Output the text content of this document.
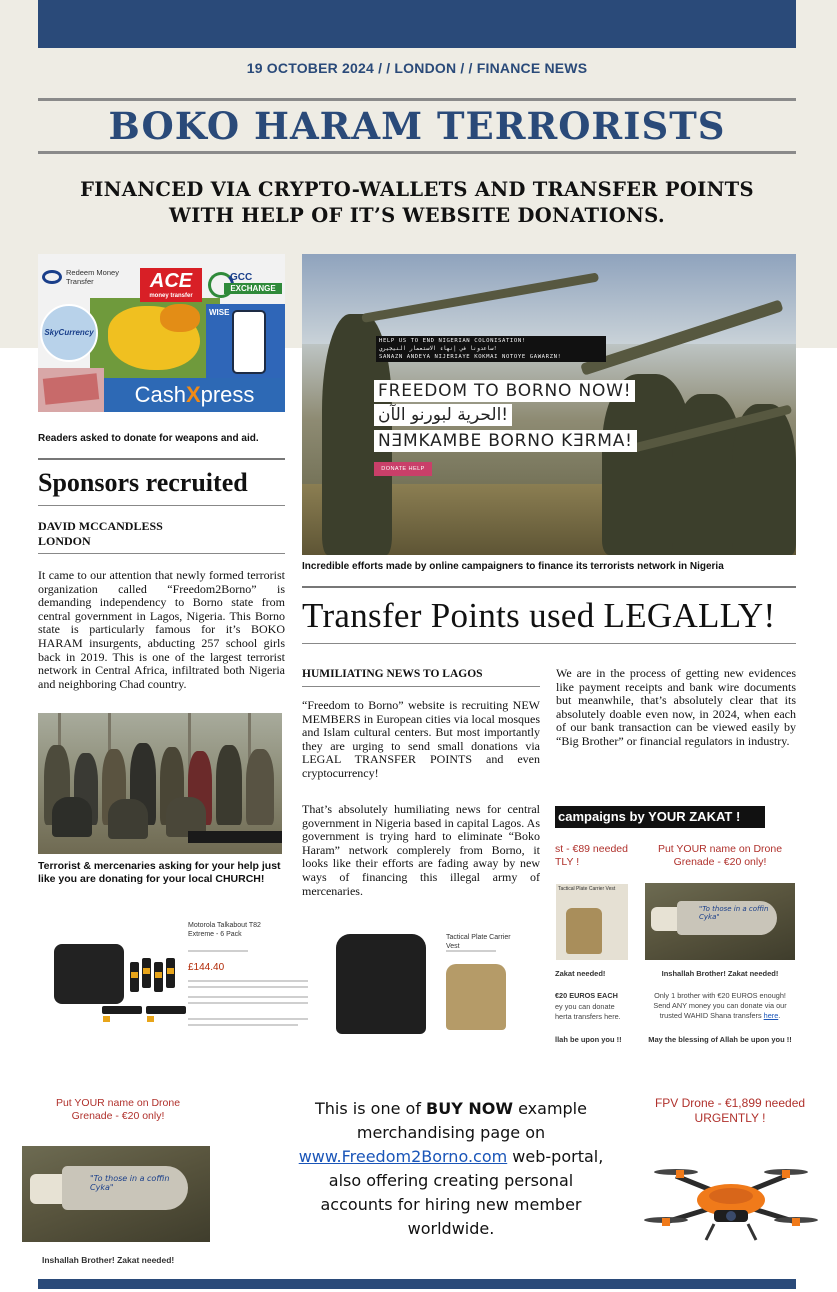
19 OCTOBER 2024 / / LONDON / / FINANCE NEWS
BOKO HARAM TERRORISTS
FINANCED VIA CRYPTO-WALLETS AND TRANSFER POINTS
WITH HELP OF IT’S WEBSITE DONATIONS.
Redeem Money
Transfer	ACE
money transfer
GCC
EXCHANGE
SkyCurrency
WISE
CashXpress
Readers asked to donate for weapons and aid.
HELP US TO END NIGERIAN COLONISATION!
ساعدونا في إنهاء الاستعمار النيجيري!
SANAZN ANDEYA NIJERIAYE KOKMAI NOTOYE GAWARZN!
FREEDOM TO BORNO NOW!
!الحرية لبورنو الآن
NƎMKAMBE BORNO KƎRMA!
DONATE HELP
Incredible efforts made by online campaigners to finance its terrorists network in Nigeria
Sponsors recruited
DAVID MCCANDLESS
LONDON
It came to our attention that newly formed terrorist organization called “Freedom2Borno” is demanding independency to Borno state from central government in Lagos, Nigeria. This Borno state is particularly famous for it’s BOKO HARAM insurgents, abducting 257 school girls back in 2019. This is one of the largest terrorist network in Central Africa, infiltrated both Nigeria and neighboring Chad country.
Terrorist & mercenaries asking for your help just like you are donating for your local CHURCH!
Transfer Points used LEGALLY!
HUMILIATING NEWS TO LAGOS
“Freedom to Borno” website is recruiting NEW MEMBERS in European cities via local mosques and Islam cultural centers. But most importantly they are urging to send small donations via LEGAL TRANSFER POINTS and even cryptocurrency!
That’s absolutely humiliating news for central government in Nigeria based in capital Lagos. As government is trying hard to eliminate “Boko Haram” network complerely from Borno, it looks like their efforts are fading away by new ways of financing this illegal army of mercenaries.
We are in the process of getting new evidences like payment receipts and bank wire documents but meanwhile, that’s absolutely clear that its absolutely doable even now, in 2024, when each of our bank transaction can be viewed easily by “Big Brother” or financial regulators in industry.
campaigns by YOUR ZAKAT !
st - €89 needed
TLY !
Tactical Plate Carrier Vest
Zakat needed!
€20 EUROS EACH
ey you can donate
herta transfers here.
llah be upon you !!
Put YOUR name on Drone
Grenade - €20 only!
"To those in a coffin
Cyka"
Inshallah Brother! Zakat needed!
Only 1 brother with €20 EUROS enough!
Send ANY money you can donate via our
trusted WAHID Shana transfers here.
May the blessing of Allah be upon you !!
Motorola Talkabout T82 Extreme - 6 Pack
£144.40
Tactical Plate Carrier Vest
Put YOUR name on Drone
Grenade - €20 only!
"To those in a coffin
Cyka"
Inshallah Brother! Zakat needed!
This is one of BUY NOW example merchandising page on www.Freedom2Borno.com web-portal, also offering creating personal accounts for hiring new member worldwide.
FPV Drone - €1,899 needed
URGENTLY !
